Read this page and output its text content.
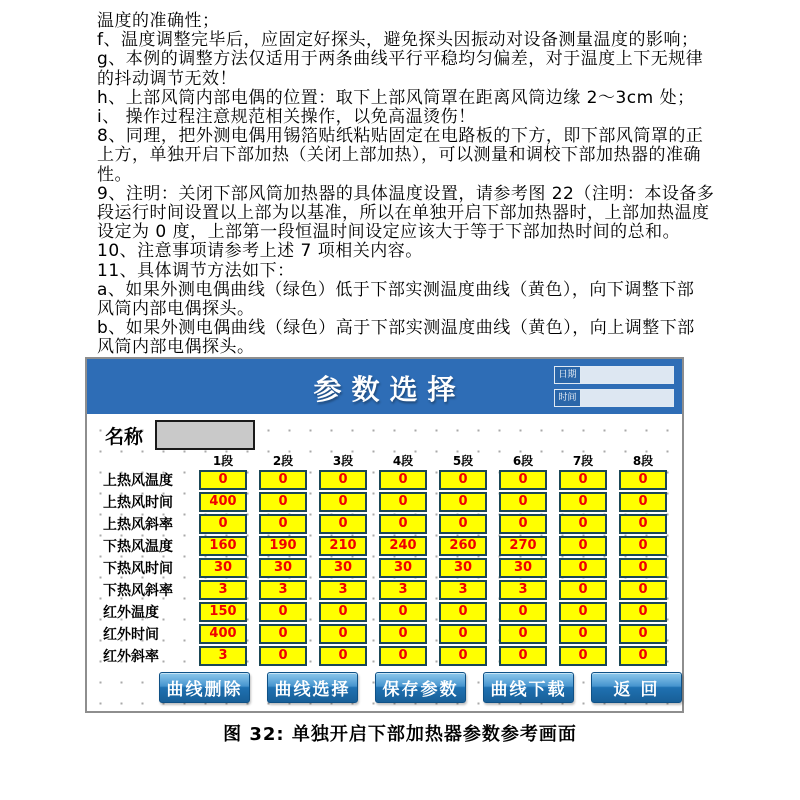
温度的准确性；
f、温度调整完毕后，应固定好探头，避免探头因振动对设备测量温度的影响；
g、本例的调整方法仅适用于两条曲线平行平稳均匀偏差，对于温度上下无规律
的抖动调节无效！
h、上部风筒内部电偶的位置：取下上部风筒罩在距离风筒边缘 2～3cm 处；
i、 操作过程注意规范相关操作，以免高温烫伤！
8、同理，把外测电偶用锡箔贴纸粘贴固定在电路板的下方，即下部风筒罩的正
上方，单独开启下部加热（关闭上部加热），可以测量和调校下部加热器的准确
性。
9、注明：关闭下部风筒加热器的具体温度设置，请参考图 22（注明：本设备多
段运行时间设置以上部为以基准，所以在单独开启下部加热器时，上部加热温度
设定为 0 度，上部第一段恒温时间设定应该大于等于下部加热时间的总和。
10、注意事项请参考上述 7 项相关内容。
11、具体调节方法如下：
a、如果外测电偶曲线（绿色）低于下部实测温度曲线（黄色），向下调整下部
风筒内部电偶探头。
b、如果外测电偶曲线（绿色）高于下部实测温度曲线（黄色），向上调整下部
风筒内部电偶探头。
参数选择	日期
时间
名称
1段	2段	3段	4段	5段	6段	7段	8段
上热风温度	0	0	0	0	0	0	0	0
上热风时间	400	0	0	0	0	0	0	0
上热风斜率	0	0	0	0	0	0	0	0
下热风温度	160	190	210	240	260	270	0	0
下热风时间	30	30	30	30	30	30	0	0
下热风斜率	3	3	3	3	3	3	0	0
红外温度	150	0	0	0	0	0	0	0
红外时间	400	0	0	0	0	0	0	0
红外斜率	3	0	0	0	0	0	0	0
曲线删除	曲线选择	保存参数	曲线下载	返 回
图 32: 单独开启下部加热器参数参考画面
